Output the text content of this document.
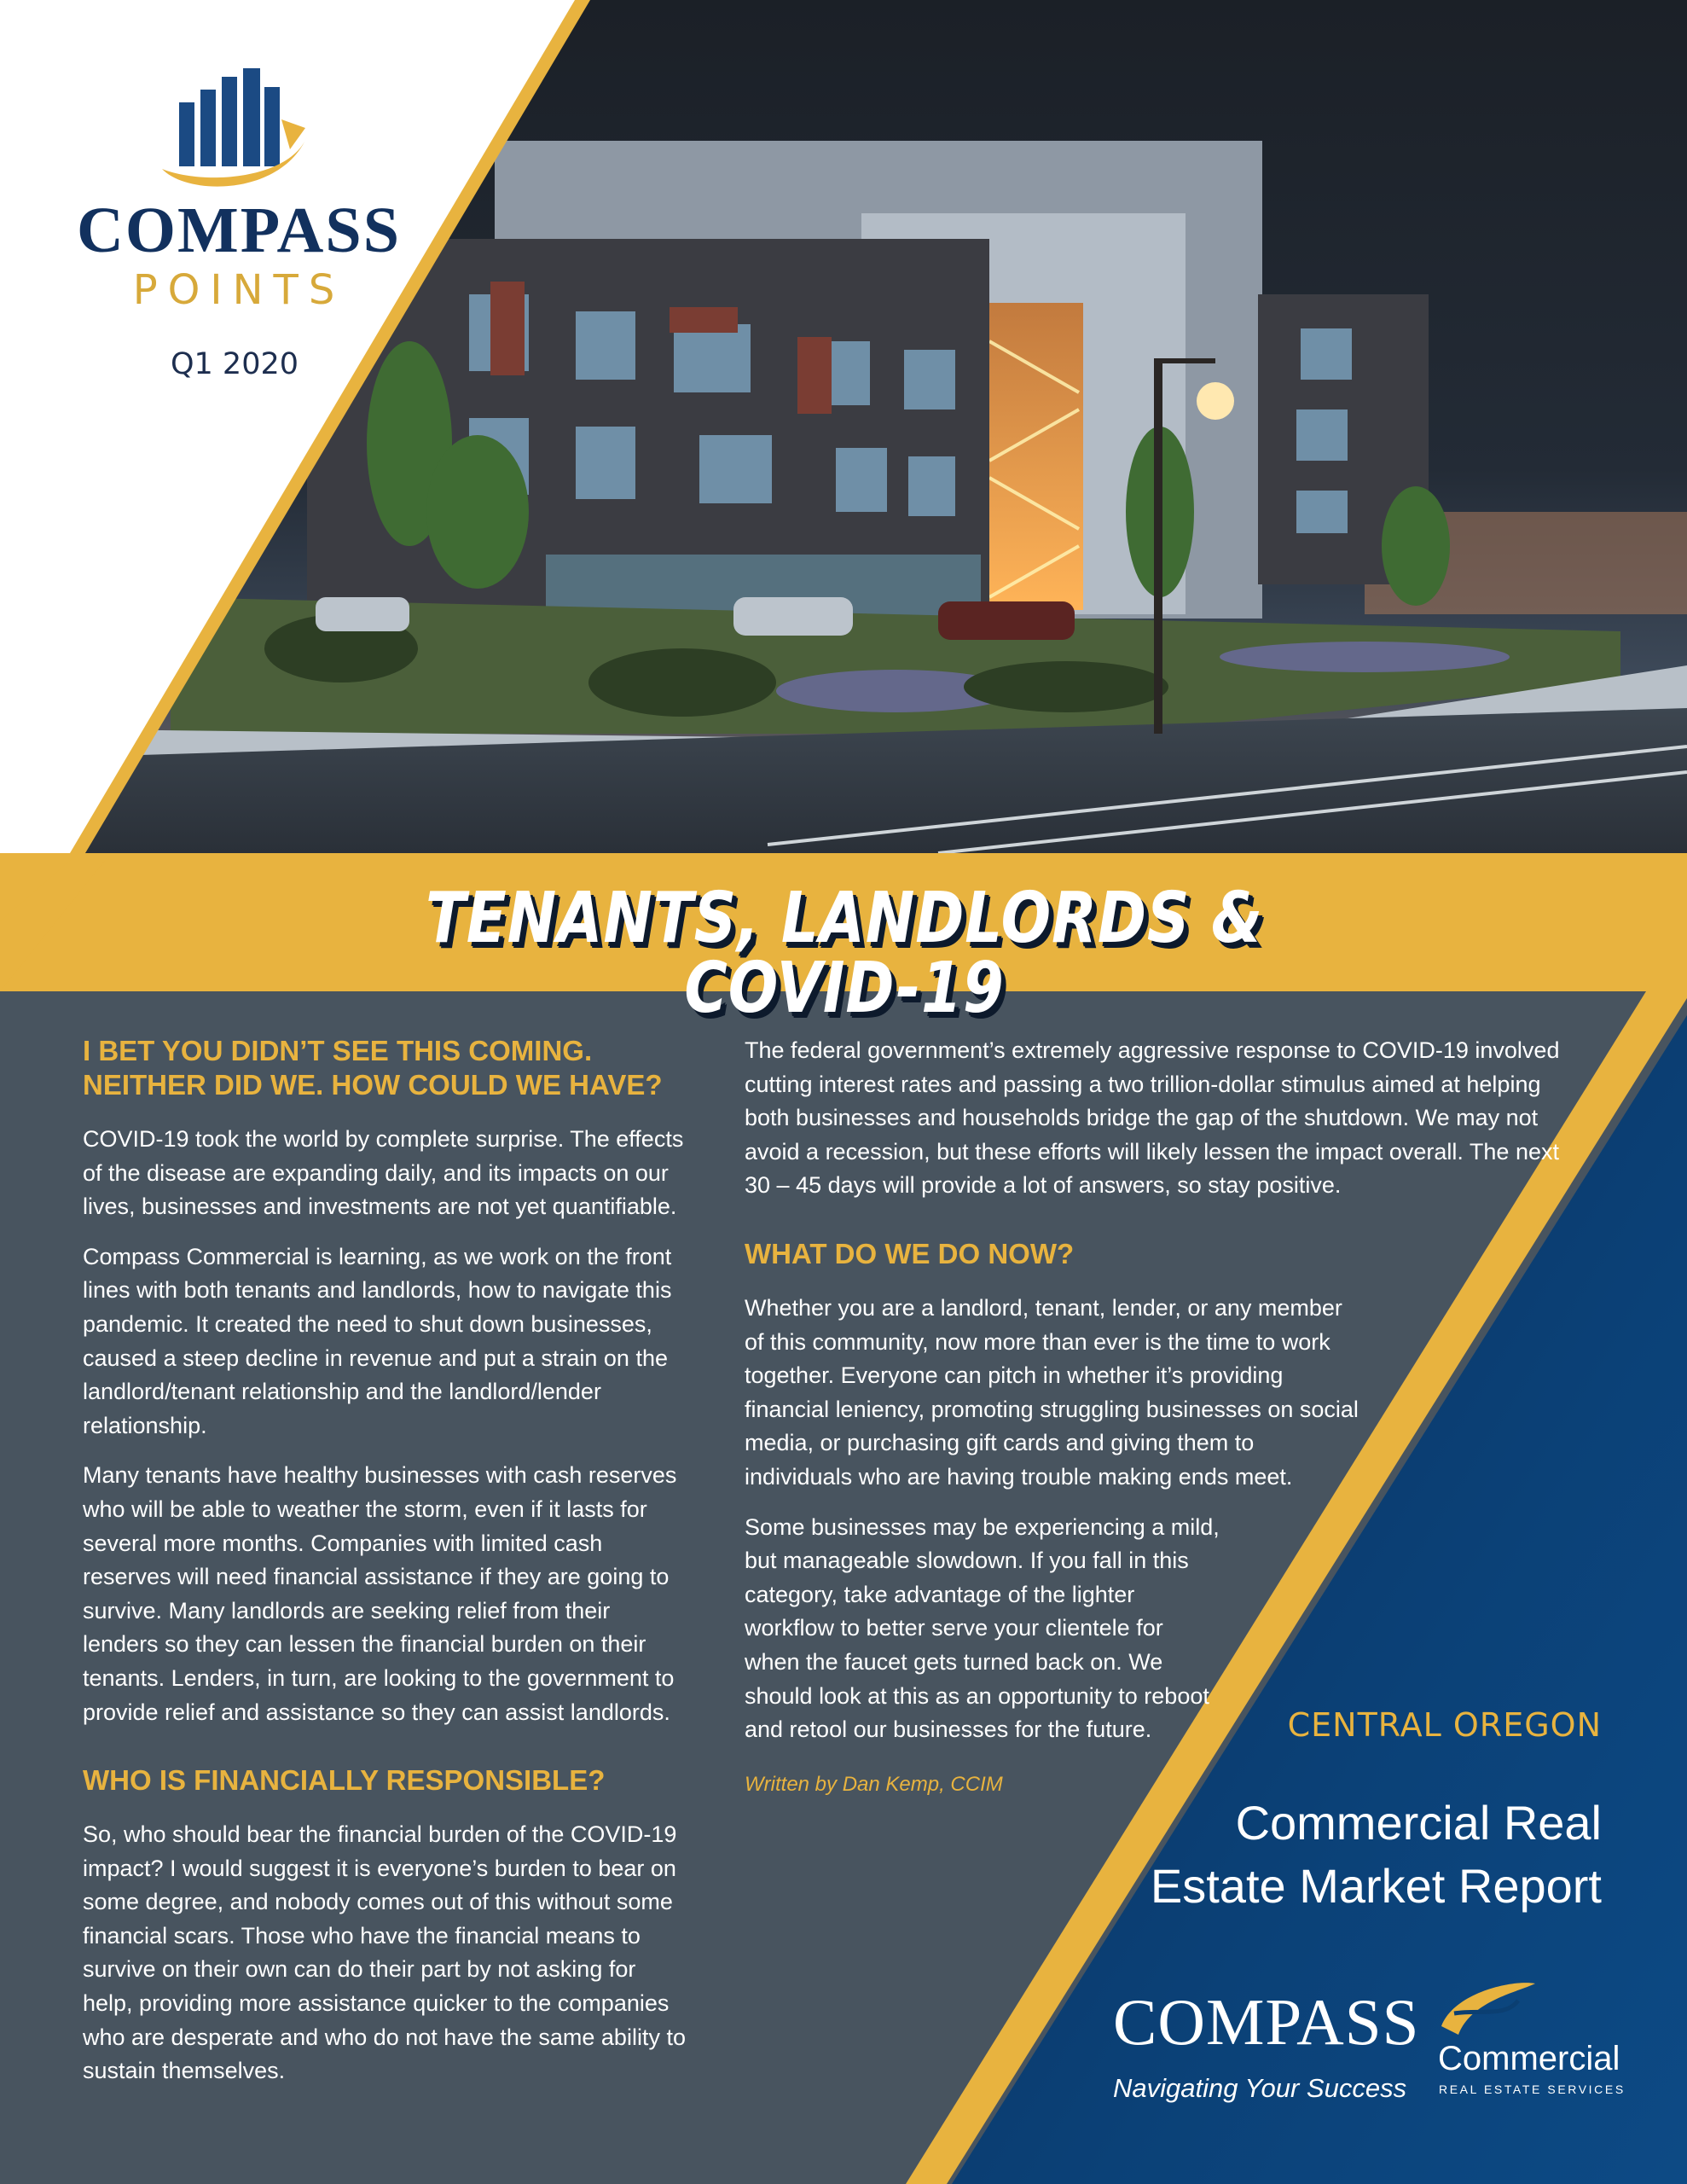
COMPASS
POINTS
Q1 2020
TENANTS, LANDLORDS & COVID-19
I BET YOU DIDN’T SEE THIS COMING. NEITHER DID WE. HOW COULD WE HAVE?

COVID-19 took the world by complete surprise. The effects of the disease are expanding daily, and its impacts on our lives, businesses and investments are not yet quantifiable.

Compass Commercial is learning, as we work on the front lines with both tenants and landlords, how to navigate this pandemic. It created the need to shut down businesses, caused a steep decline in revenue and put a strain on the landlord/tenant relationship and the landlord/lender relationship.

Many tenants have healthy businesses with cash reserves who will be able to weather the storm, even if it lasts for several more months. Companies with limited cash reserves will need financial assistance if they are going to survive. Many landlords are seeking relief from their lenders so they can lessen the financial burden on their tenants. Lenders, in turn, are looking to the government to provide relief and assistance so they can assist landlords.

WHO IS FINANCIALLY RESPONSIBLE?

So, who should bear the financial burden of the COVID-19 impact? I would suggest it is everyone’s burden to bear on some degree, and nobody comes out of this without some financial scars. Those who have the financial means to survive on their own can do their part by not asking for help, providing more assistance quicker to the companies who are desperate and who do not have the same ability to sustain themselves.

The federal government’s extremely aggressive response to COVID-19 involved cutting interest rates and passing a two trillion-dollar stimulus aimed at helping both businesses and households bridge the gap of the shutdown. We may not avoid a recession, but these efforts will likely lessen the impact overall. The next 30 – 45 days will provide a lot of answers, so stay positive.

WHAT DO WE DO NOW?

Whether you are a landlord, tenant, lender, or any member of this community, now more than ever is the time to work together. Everyone can pitch in whether it’s providing financial leniency, promoting struggling businesses on social media, or purchasing gift cards and giving them to individuals who are having trouble making ends meet.

Some businesses may be experiencing a mild, but manageable slowdown. If you fall in this category, take advantage of the lighter workflow to better serve your clientele for when the faucet gets turned back on. We should look at this as an opportunity to reboot and retool our businesses for the future.

Written by Dan Kemp, CCIM

CENTRAL OREGON
Commercial Real
Estate Market Report
COMPASS Commercial
Navigating Your Success	REAL ESTATE SERVICES
